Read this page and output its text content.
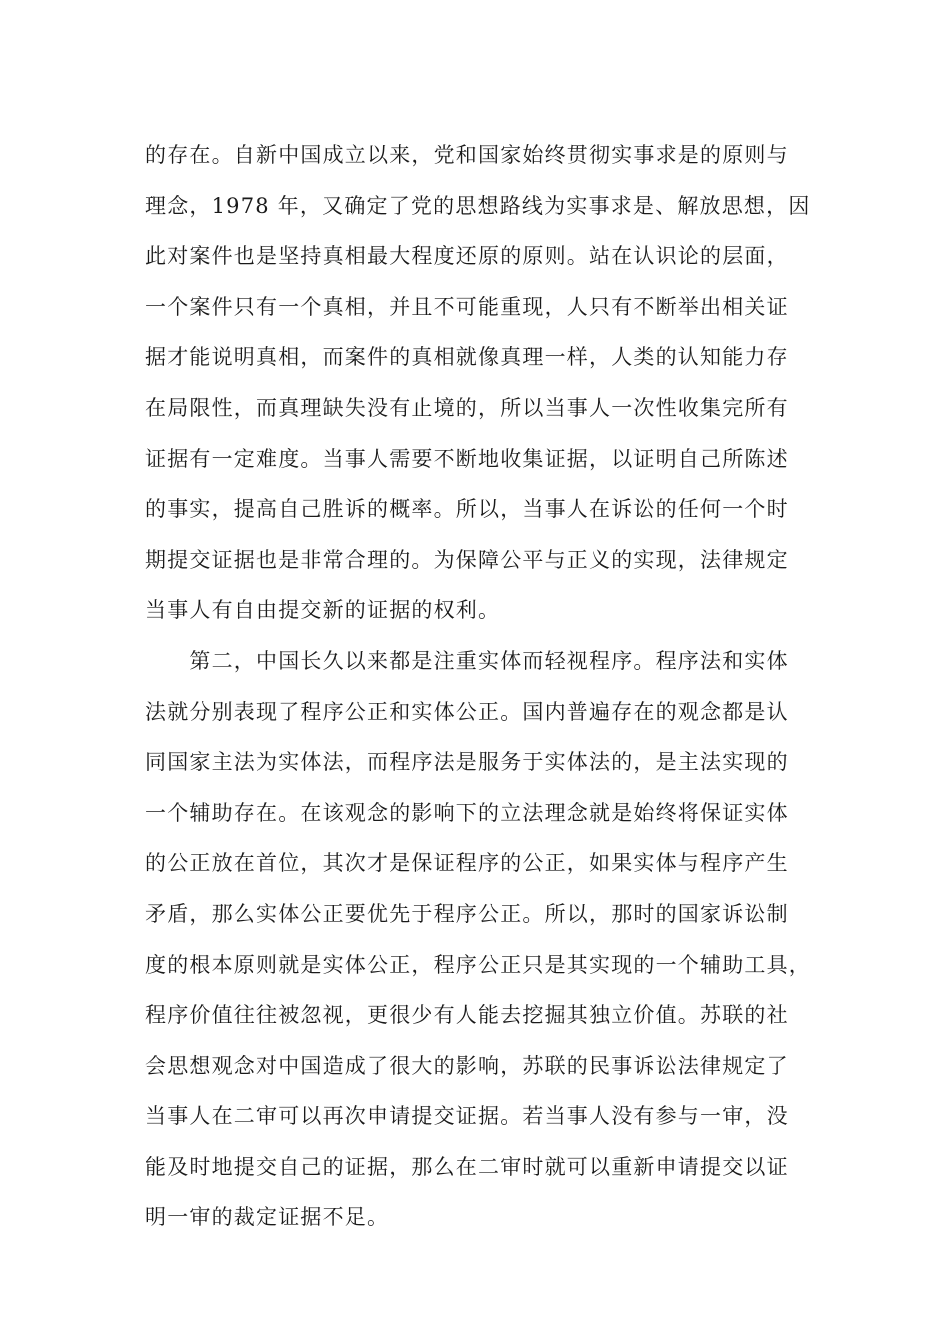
的存在。自新中国成立以来，党和国家始终贯彻实事求是的原则与
理念，1978 年，又确定了党的思想路线为实事求是、解放思想，因
此对案件也是坚持真相最大程度还原的原则。站在认识论的层面，
一个案件只有一个真相，并且不可能重现，人只有不断举出相关证
据才能说明真相，而案件的真相就像真理一样，人类的认知能力存
在局限性，而真理缺失没有止境的，所以当事人一次性收集完所有
证据有一定难度。当事人需要不断地收集证据，以证明自己所陈述
的事实，提高自己胜诉的概率。所以，当事人在诉讼的任何一个时
期提交证据也是非常合理的。为保障公平与正义的实现，法律规定
当事人有自由提交新的证据的权利。
　　第二，中国长久以来都是注重实体而轻视程序。程序法和实体
法就分别表现了程序公正和实体公正。国内普遍存在的观念都是认
同国家主法为实体法，而程序法是服务于实体法的，是主法实现的
一个辅助存在。在该观念的影响下的立法理念就是始终将保证实体
的公正放在首位，其次才是保证程序的公正，如果实体与程序产生
矛盾，那么实体公正要优先于程序公正。所以，那时的国家诉讼制
度的根本原则就是实体公正，程序公正只是其实现的一个辅助工具，
程序价值往往被忽视，更很少有人能去挖掘其独立价值。苏联的社
会思想观念对中国造成了很大的影响，苏联的民事诉讼法律规定了
当事人在二审可以再次申请提交证据。若当事人没有参与一审，没
能及时地提交自己的证据，那么在二审时就可以重新申请提交以证
明一审的裁定证据不足。
